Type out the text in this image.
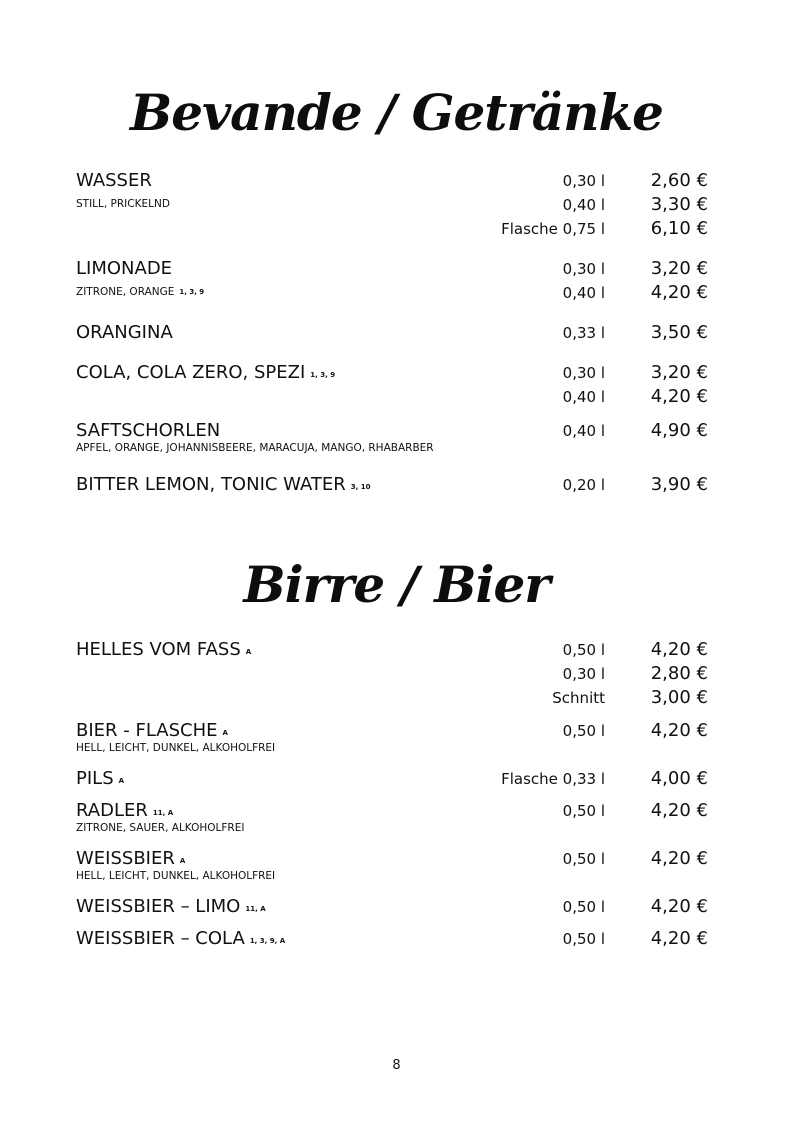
Bevande / Getränke
WASSER	0,30 l	2,60 €
STILL, PRICKELND	0,40 l	3,30 €
Flasche 0,75 l	6,10 €
LIMONADE	0,30 l	3,20 €
ZITRONE, ORANGE 1, 3, 9	0,40 l	4,20 €
ORANGINA	0,33 l	3,50 €
COLA, COLA ZERO, SPEZI 1, 3, 9	0,30 l	3,20 €
0,40 l	4,20 €
SAFTSCHORLEN	0,40 l	4,90 €
APFEL, ORANGE, JOHANNISBEERE, MARACUJA, MANGO, RHABARBER
BITTER LEMON, TONIC WATER 3, 10	0,20 l	3,90 €
Birre / Bier
HELLES VOM FASS A	0,50 l	4,20 €
0,30 l	2,80 €
Schnitt	3,00 €
BIER - FLASCHE A	0,50 l	4,20 €
HELL, LEICHT, DUNKEL, ALKOHOLFREI
PILS A	Flasche 0,33 l	4,00 €
RADLER 11, A	0,50 l	4,20 €
ZITRONE, SAUER, ALKOHOLFREI
WEISSBIER A	0,50 l	4,20 €
HELL, LEICHT, DUNKEL, ALKOHOLFREI
WEISSBIER – LIMO 11, A	0,50 l	4,20 €
WEISSBIER – COLA 1, 3, 9, A	0,50 l	4,20 €
8
